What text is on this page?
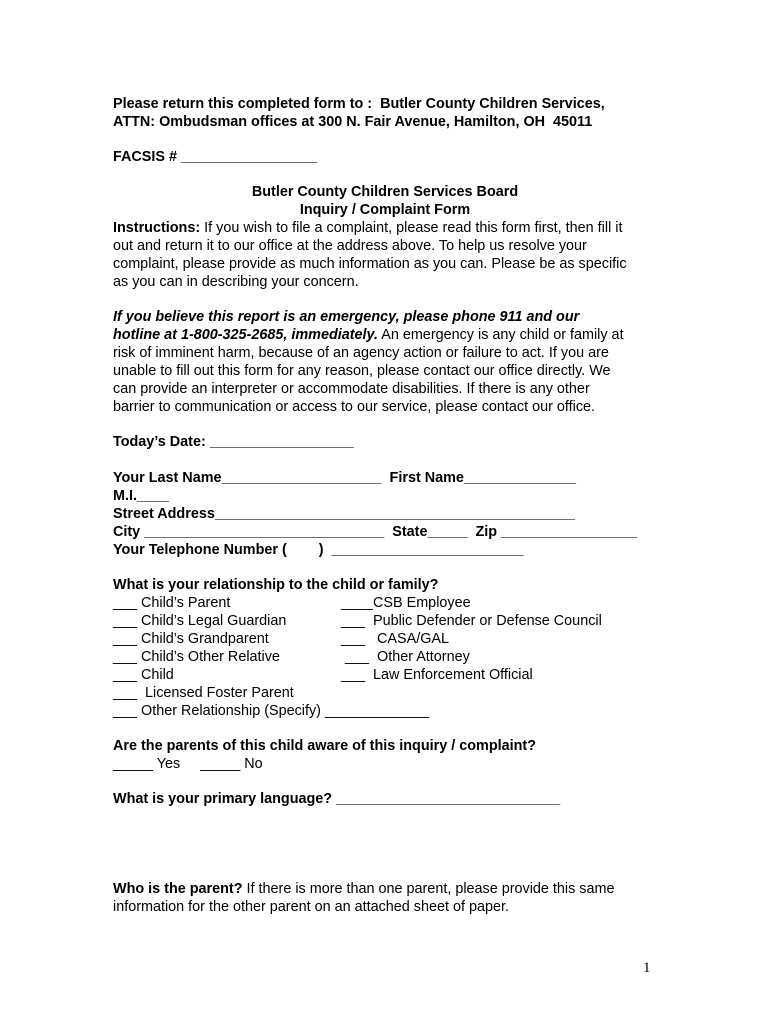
Please return this completed form to :  Butler County Children Services,
ATTN: Ombudsman offices at 300 N. Fair Avenue, Hamilton, OH  45011
FACSIS # _________________
Butler County Children Services Board
Inquiry / Complaint Form
Instructions: If you wish to file a complaint, please read this form first, then fill it
out and return it to our office at the address above. To help us resolve your
complaint, please provide as much information as you can. Please be as specific
as you can in describing your concern.
If you believe this report is an emergency, please phone 911 and our
hotline at 1-800-325-2685, immediately. An emergency is any child or family at
risk of imminent harm, because of an agency action or failure to act. If you are
unable to fill out this form for any reason, please contact our office directly. We
can provide an interpreter or accommodate disabilities. If there is any other
barrier to communication or access to our service, please contact our office.
Today’s Date: __________________
Your Last Name____________________  First Name______________
M.I.____
Street Address_____________________________________________
City ______________________________  State_____  Zip _________________
Your Telephone Number (        )  ________________________
What is your relationship to the child or family?
___ Child’s Parent
___ Child’s Legal Guardian
___ Child’s Grandparent
___ Child’s Other Relative
___ Child
___  Licensed Foster Parent
___ Other Relationship (Specify) _____________
____CSB Employee
___  Public Defender or Defense Council
___   CASA/GAL
___  Other Attorney
___  Law Enforcement Official
Are the parents of this child aware of this inquiry / complaint?
_____ Yes     _____ No
What is your primary language? ____________________________
Who is the parent? If there is more than one parent, please provide this same
information for the other parent on an attached sheet of paper.
1
